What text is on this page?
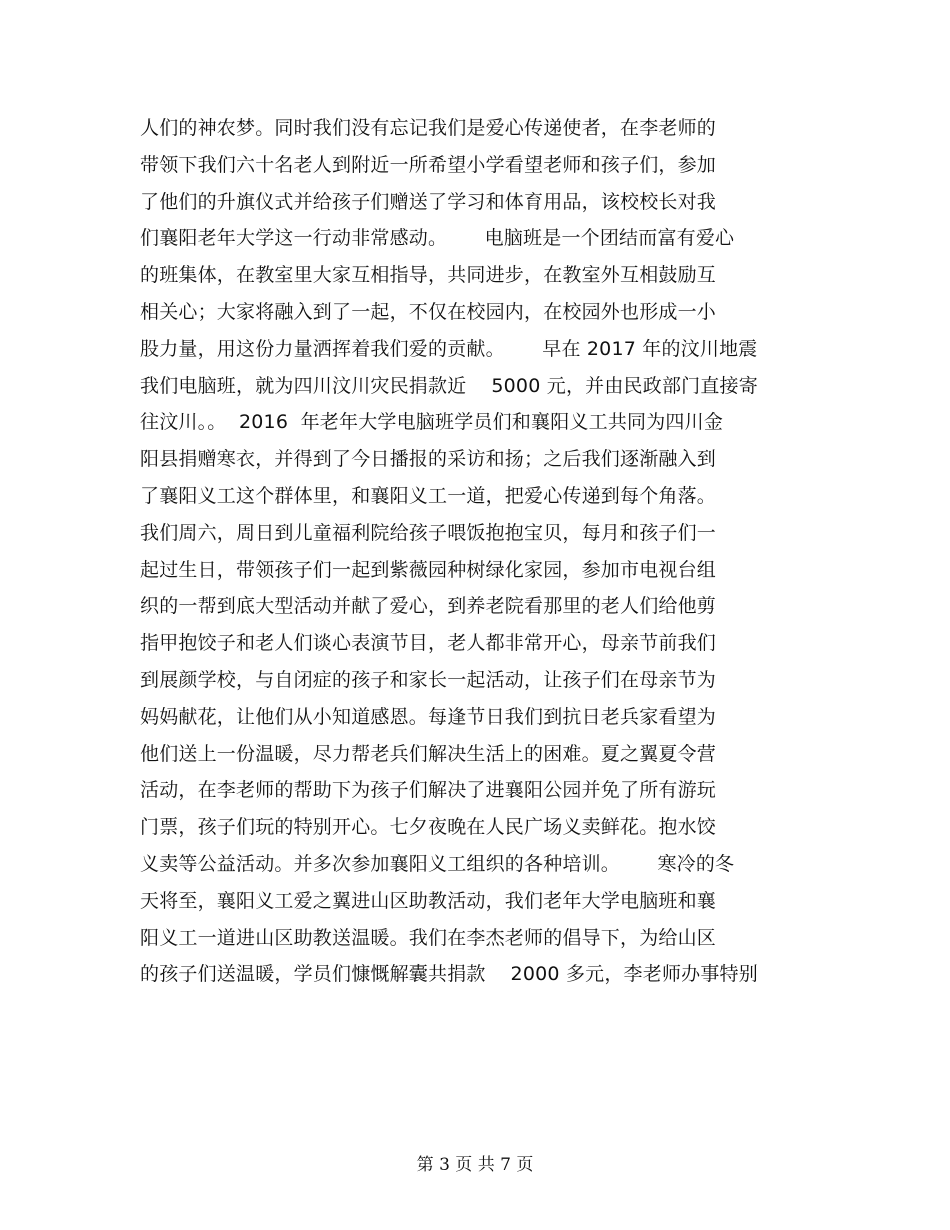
人们的神农梦。同时我们没有忘记我们是爱心传递使者，在李老师的
带领下我们六十名老人到附近一所希望小学看望老师和孩子们，参加
了他们的升旗仪式并给孩子们赠送了学习和体育用品，该校校长对我
们襄阳老年大学这一行动非常感动。      电脑班是一个团结而富有爱心
的班集体，在教室里大家互相指导，共同进步，在教室外互相鼓励互
相关心；大家将融入到了一起，不仅在校园内，在校园外也形成一小
股力量，用这份力量洒挥着我们爱的贡献。      早在 2017 年的汶川地震
我们电脑班，就为四川汶川灾民捐款近    5000 元，并由民政部门直接寄
往汶川。。  2016  年老年大学电脑班学员们和襄阳义工共同为四川金
阳县捐赠寒衣，并得到了今日播报的采访和扬；之后我们逐渐融入到
了襄阳义工这个群体里，和襄阳义工一道，把爱心传递到每个角落。
我们周六，周日到儿童福利院给孩子喂饭抱抱宝贝，每月和孩子们一
起过生日，带领孩子们一起到紫薇园种树绿化家园，参加市电视台组
织的一帮到底大型活动并献了爱心，到养老院看那里的老人们给他剪
指甲抱饺子和老人们谈心表演节目，老人都非常开心，母亲节前我们
到展颜学校，与自闭症的孩子和家长一起活动，让孩子们在母亲节为
妈妈献花，让他们从小知道感恩。每逢节日我们到抗日老兵家看望为
他们送上一份温暖，尽力帮老兵们解决生活上的困难。夏之翼夏令营
活动，在李老师的帮助下为孩子们解决了进襄阳公园并免了所有游玩
门票，孩子们玩的特别开心。七夕夜晚在人民广场义卖鲜花。抱水饺
义卖等公益活动。并多次参加襄阳义工组织的各种培训。      寒冷的冬
天将至，襄阳义工爱之翼进山区助教活动，我们老年大学电脑班和襄
阳义工一道进山区助教送温暖。我们在李杰老师的倡导下，为给山区
的孩子们送温暖，学员们慷慨解囊共捐款    2000 多元，李老师办事特别
第 3 页 共 7 页
